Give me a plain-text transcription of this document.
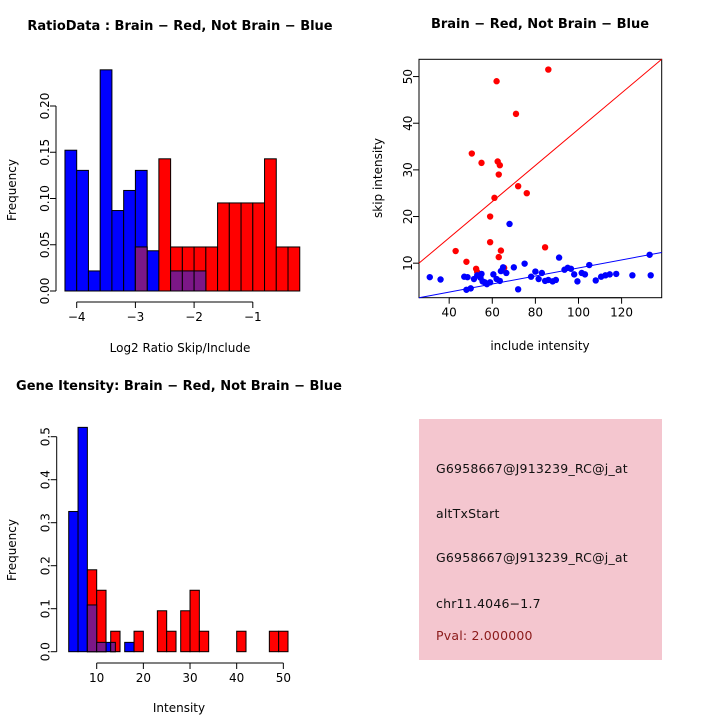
0.00
0.05
0.10
0.15
0.20
−4	−3	−2	−1
RatioData : Brain − Red, Not Brain − Blue
Log2 Ratio Skip/Include
Frequency
10
20
30
40
50
40 60 80 100 120
Brain − Red, Not Brain − Blue
include intensity
skip intensity
0.0
0.1
0.2
0.3
0.4
0.5
10	20	30	40	50
Gene Itensity: Brain − Red, Not Brain − Blue
Intensity
Frequency
G6958667@J913239_RC@j_at
altTxStart
G6958667@J913239_RC@j_at
chr11.4046−1.7
Pval: 2.000000
